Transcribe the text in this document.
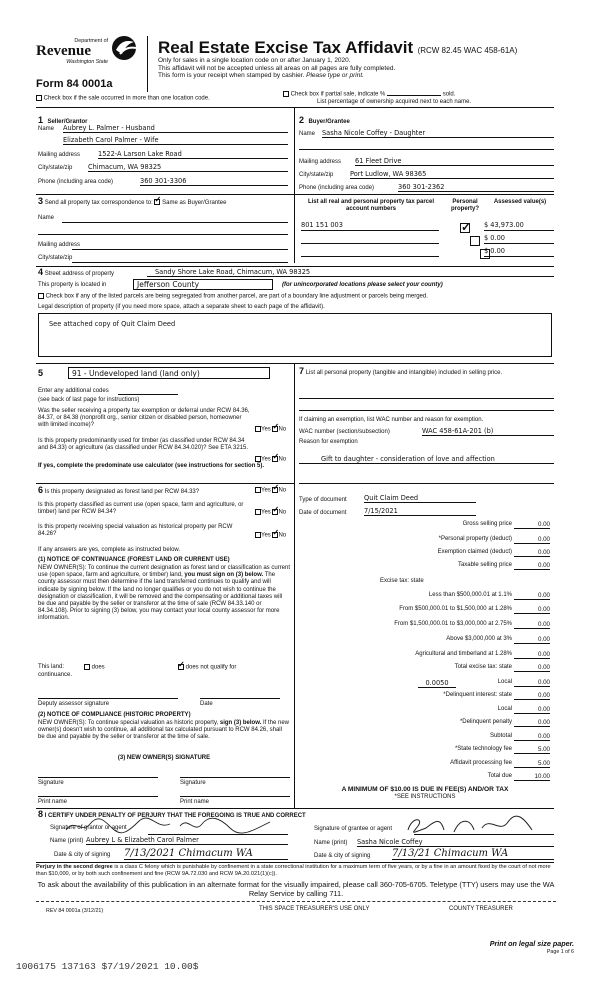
Department of
Revenue
Washington State
Form 84 0001a
Real Estate Excise Tax Affidavit (RCW 82.45 WAC 458-61A)
Only for sales in a single location code on or after January 1, 2020.
This affidavit will not be accepted unless all areas on all pages are fully completed.
This form is your receipt when stamped by cashier. Please type or print.
Check box if the sale occurred in more than one location code.
Check box if partial sale, indicate %	sold.
List percentage of ownership acquired next to each name.
1 Seller/Grantor
Name Aubrey L. Palmer - Husband
Elizabeth Carol Palmer - Wife
Mailing address	1522-A Larson Lake Road
City/state/zip Chimacum, WA 98325
Phone (including area code)	360 301-3306
2 Buyer/Grantee
Name Sasha Nicole Coffey - Daughter
Mailing address 61 Fleet Drive
City/state/zip	Port Ludlow, WA 98365
Phone (including area code)	360 301-2362
3 Send all property tax correspondence to: ✓ Same as Buyer/Grantee
Name
Mailing address
City/state/zip
List all real and personal property tax parcel account numbers
Personal property?
Assessed value(s)
801 151 003 ✓	$ 43,973.00
$ 0.00
$ 0.00
4 Street address of property	Sandy Shore Lake Road, Chimacum, WA 98325
This property is located in	Jefferson County	(for unincorporated locations please select your county)
Check box if any of the listed parcels are being segregated from another parcel, are part of a boundary line adjustment or parcels being merged.
Legal description of property (if you need more space, attach a separate sheet to each page of the affidavit).
See attached copy of Quit Claim Deed
5	91 - Undeveloped land (land only)
Enter any additional codes
(see back of last page for instructions)
Was the seller receiving a property tax exemption or deferral under RCW 84.36, 84.37, or 84.38 (nonprofit org., senior citizen or disabled person, homeowner with limited income)?
Yes ✓ No
Is this property predominantly used for timber (as classified under RCW 84.34 and 84.33) or agriculture (as classified under RCW 84.34.020)? See ETA 3215.
Yes ✓ No
If yes, complete the predominate use calculator (see instructions for section 5).
6 Is this property designated as forest land per RCW 84.33?	Yes ✓ No
Is this property classified as current use (open space, farm and agriculture, or timber) land per RCW 84.34?	Yes ✓ No
Is this property receiving special valuation as historical property per RCW 84.26?	Yes ✓ No
If any answers are yes, complete as instructed below.
(1) NOTICE OF CONTINUANCE (FOREST LAND OR CURRENT USE)
NEW OWNER(S): To continue the current designation as forest land or classification as current use (open space, farm and agriculture, or timber) land, you must sign on (3) below. The county assessor must then determine if the land transferred continues to qualify and will indicate by signing below. If the land no longer qualifies or you do not wish to continue the designation or classification, it will be removed and the compensating or additional taxes will be due and payable by the seller or transferor at the time of sale (RCW 84.33.140 or 84.34.108). Prior to signing (3) below, you may contact your local county assessor for more information.
This land:	does ✓	does not qualify for
continuance.
Deputy assessor signature	Date
(2) NOTICE OF COMPLIANCE (HISTORIC PROPERTY)
NEW OWNER(S): To continue special valuation as historic property, sign (3) below. If the new owner(s) doesn't wish to continue, all additional tax calculated pursuant to RCW 84.26, shall be due and payable by the seller or transferor at the time of sale.
(3) NEW OWNER(S) SIGNATURE
Signature	Signature
Print name	Print name
7 List all personal property (tangible and intangible) included in selling price.
If claiming an exemption, list WAC number and reason for exemption.
WAC number (section/subsection)	WAC 458-61A-201 (b)
Reason for exemption
Gift to daughter - consideration of love and affection
Type of document	Quit Claim Deed
Date of document	7/15/2021
Gross selling price	0.00
*Personal property (deduct)	0.00
Exemption claimed (deduct)	0.00
Taxable selling price	0.00
Excise tax: state
Less than $500,000.01 at 1.1%	0.00
From $500,000.01 to $1,500,000 at 1.28%	0.00
From $1,500,000.01 to $3,000,000 at 2.75%	0.00
Above $3,000,000 at 3%	0.00
Agricultural and timberland at 1.28%	0.00
Total excise tax: state	0.00
Local	0.00
*Delinquent interest: state	0.00
Local	0.00
*Delinquent penalty	0.00
Subtotal	0.00
*State technology fee	5.00
Affidavit processing fee	5.00
Total due	10.00
0.0050
A MINIMUM OF $10.00 IS DUE IN FEE(S) AND/OR TAX
*SEE INSTRUCTIONS
8 I CERTIFY UNDER PENALTY OF PERJURY THAT THE FOREGOING IS TRUE AND CORRECT
Signature of grantor or agent
Name (print) Aubrey L & Elizabeth Carol Palmer
Date & city of signing 7/13/2021 Chimacum WA
Signature of grantee or agent
Name (print) Sasha Nicole Coffey
Date & city of signing 7/13/21 Chimacum WA
Perjury in the second degree is a class C felony which is punishable by confinement in a state correctional institution for a maximum term of five years, or by a fine in an amount fixed by the court of not more than $10,000, or by both such confinement and fine (RCW 9A.72.030 and RCW 9A.20.021(1)(c)).
To ask about the availability of this publication in an alternate format for the visually impaired, please call 360-705-6705. Teletype (TTY) users may use the WA Relay Service by calling 711.
REV 84 0001a (3/12/21)	THIS SPACE TREASURER'S USE ONLY	COUNTY TREASURER
Print on legal size paper.
Page 1 of 6
1006175 137163 $7/19/2021 10.00$
